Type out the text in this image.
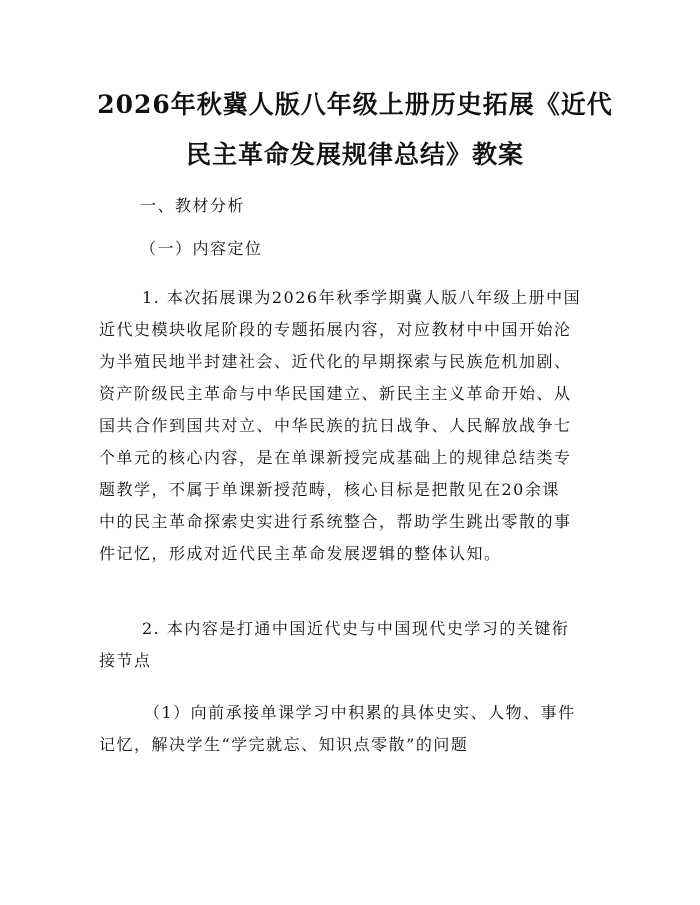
2026年秋冀人版八年级上册历史拓展《近代
民主革命发展规律总结》教案

一、教材分析

（一）内容定位

1. 本次拓展课为2026年秋季学期冀人版八年级上册中国
近代史模块收尾阶段的专题拓展内容，对应教材中中国开始沦
为半殖民地半封建社会、近代化的早期探索与民族危机加剧、
资产阶级民主革命与中华民国建立、新民主主义革命开始、从
国共合作到国共对立、中华民族的抗日战争、人民解放战争七
个单元的核心内容，是在单课新授完成基础上的规律总结类专
题教学，不属于单课新授范畴，核心目标是把散见在20余课
中的民主革命探索史实进行系统整合，帮助学生跳出零散的事
件记忆，形成对近代民主革命发展逻辑的整体认知。
2. 本内容是打通中国近代史与中国现代史学习的关键衔
接节点
（1）向前承接单课学习中积累的具体史实、人物、事件
记忆，解决学生“学完就忘、知识点零散”的问题
